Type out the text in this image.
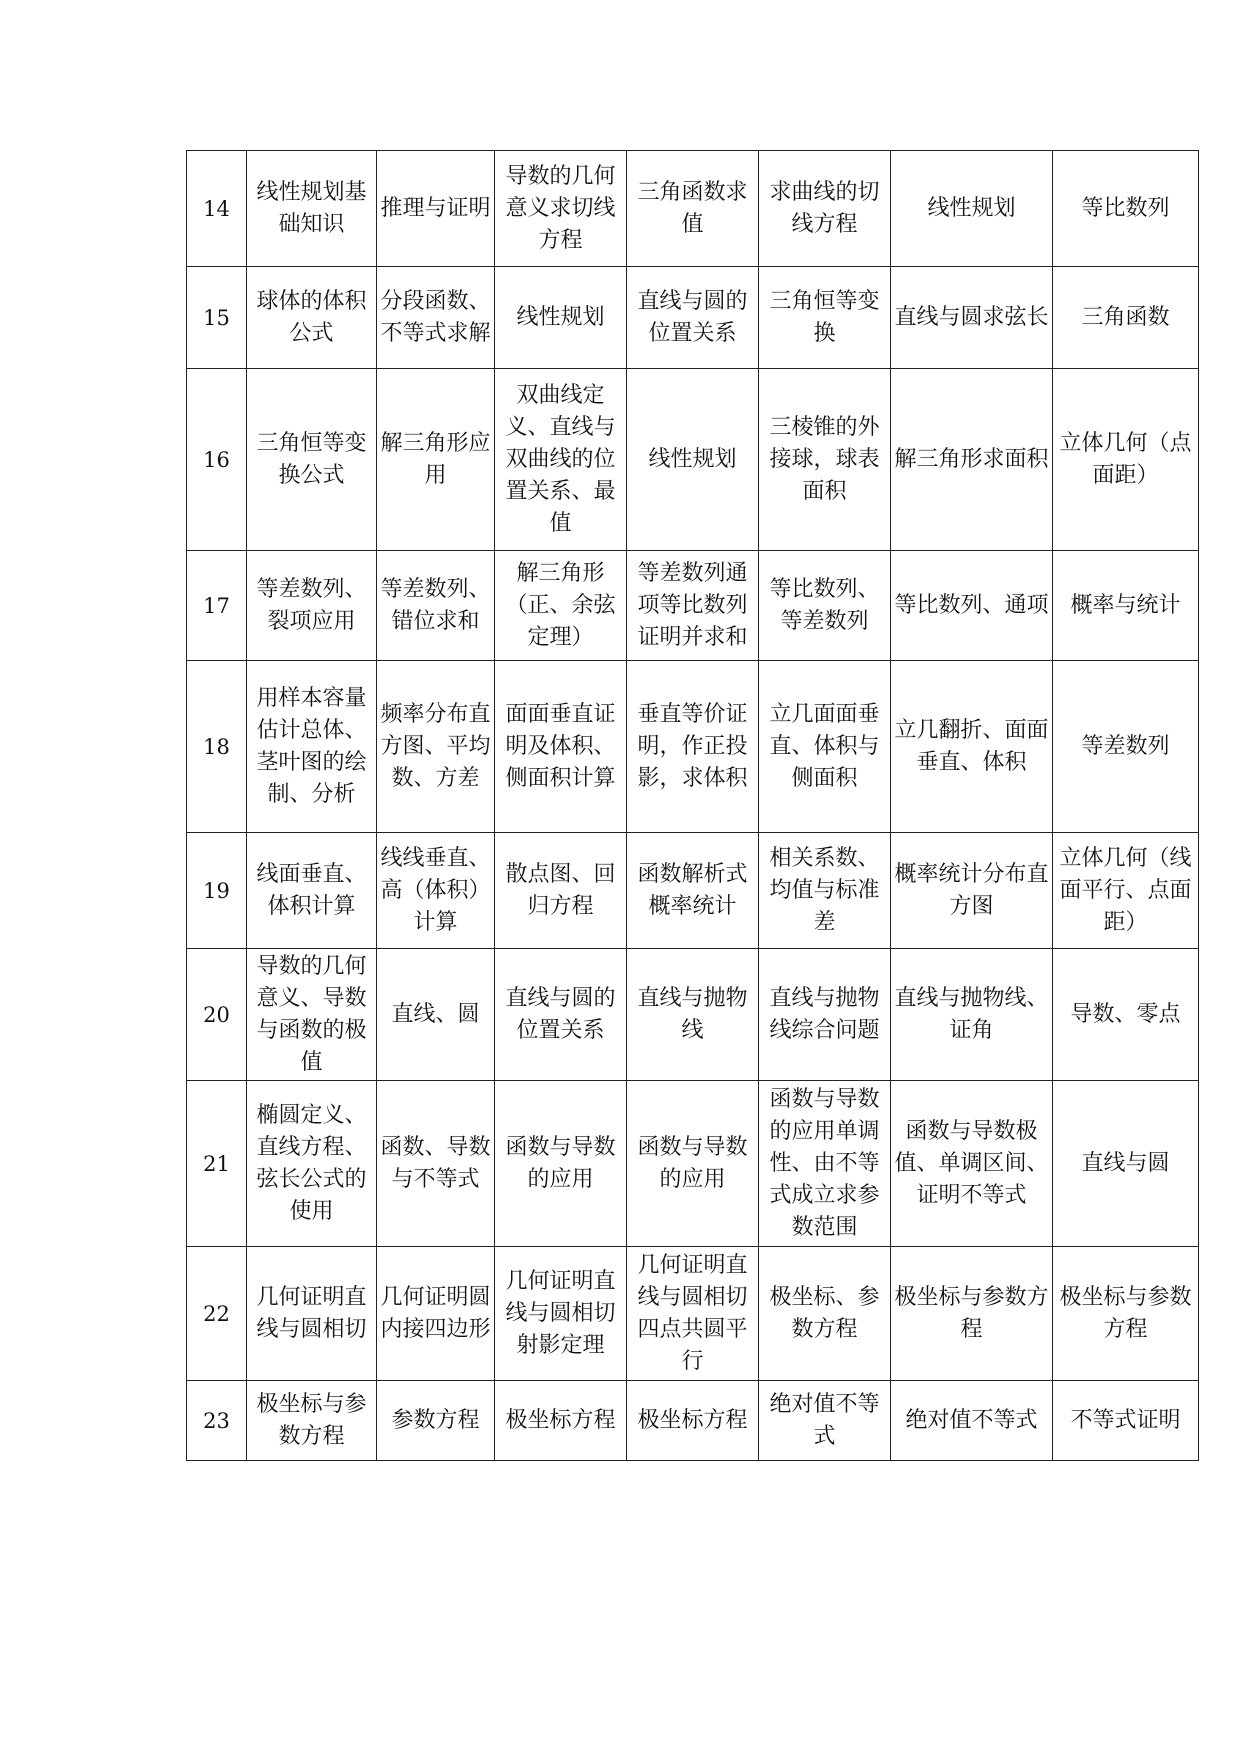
14	线性规划基础知识	推理与证明	导数的几何意义求切线方程	三角函数求值	求曲线的切线方程	线性规划	等比数列
15	球体的体积公式	分段函数、不等式求解	线性规划	直线与圆的位置关系	三角恒等变换	直线与圆求弦长	三角函数
16	三角恒等变换公式	解三角形应用	双曲线定义、直线与双曲线的位置关系、最值	线性规划	三棱锥的外接球，球表面积	解三角形求面积	立体几何（点面距）
17	等差数列、裂项应用	等差数列、错位求和	解三角形（正、余弦定理）	等差数列通项等比数列证明并求和	等比数列、等差数列	等比数列、通项	概率与统计
18	用样本容量估计总体、茎叶图的绘制、分析	频率分布直方图、平均数、方差	面面垂直证明及体积、侧面积计算	垂直等价证明，作正投影，求体积	立几面面垂直、体积与侧面积	立几翻折、面面垂直、体积	等差数列
19	线面垂直、体积计算	线线垂直、高（体积）计算	散点图、回归方程	函数解析式概率统计	相关系数、均值与标准差	概率统计分布直方图	立体几何（线面平行、点面距）
20	导数的几何意义、导数与函数的极值	直线、圆	直线与圆的位置关系	直线与抛物线	直线与抛物线综合问题	直线与抛物线、证角	导数、零点
21	椭圆定义、直线方程、弦长公式的使用	函数、导数与不等式	函数与导数的应用	函数与导数的应用	函数与导数的应用单调性、由不等式成立求参数范围	函数与导数极值、单调区间、证明不等式	直线与圆
22	几何证明直线与圆相切	几何证明圆内接四边形	几何证明直线与圆相切射影定理	几何证明直线与圆相切四点共圆平行	极坐标、参数方程	极坐标与参数方程	极坐标与参数方程
23	极坐标与参数方程	参数方程	极坐标方程	极坐标方程	绝对值不等式	绝对值不等式	不等式证明
